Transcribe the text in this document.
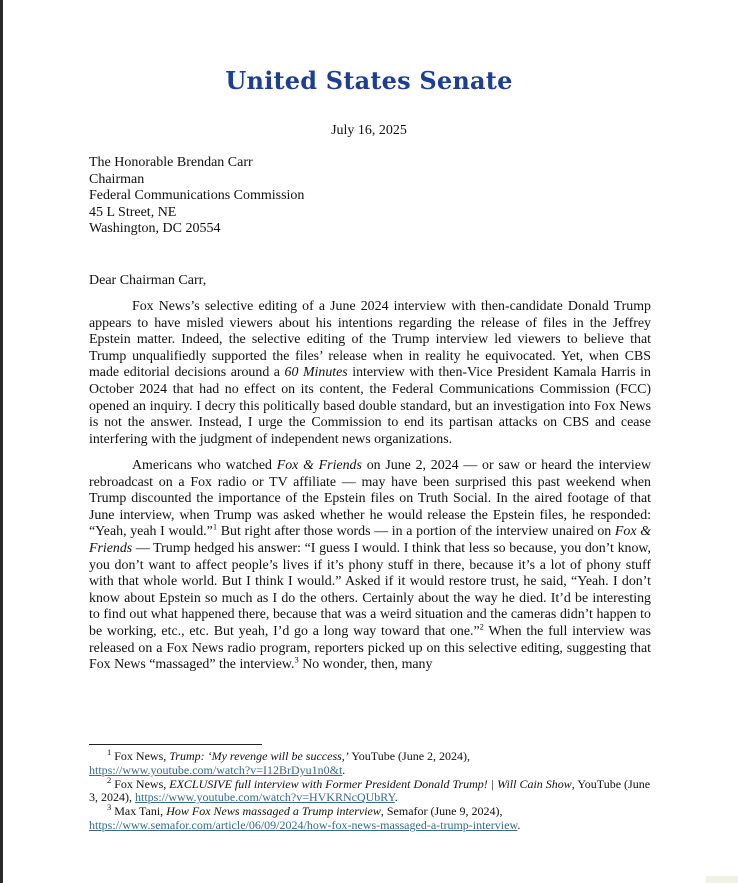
United States Senate
July 16, 2025
The Honorable Brendan Carr
Chairman
Federal Communications Commission
45 L Street, NE
Washington, DC 20554
Dear Chairman Carr,

Fox News’s selective editing of a June 2024 interview with then-candidate Donald Trump appears to have misled viewers about his intentions regarding the release of files in the Jeffrey Epstein matter. Indeed, the selective editing of the Trump interview led viewers to believe that Trump unqualifiedly supported the files’ release when in reality he equivocated. Yet, when CBS made editorial decisions around a 60 Minutes interview with then-Vice President Kamala Harris in October 2024 that had no effect on its content, the Federal Communications Commission (FCC) opened an inquiry. I decry this politically based double standard, but an investigation into Fox News is not the answer. Instead, I urge the Commission to end its partisan attacks on CBS and cease interfering with the judgment of independent news organizations.

Americans who watched Fox & Friends on June 2, 2024 — or saw or heard the interview rebroadcast on a Fox radio or TV affiliate — may have been surprised this past weekend when Trump discounted the importance of the Epstein files on Truth Social. In the aired footage of that June interview, when Trump was asked whether he would release the Epstein files, he responded: “Yeah, yeah I would.”$^1$ But right after those words — in a portion of the interview unaired on Fox & Friends — Trump hedged his answer: “I guess I would. I think that less so because, you don’t know, you don’t want to affect people’s lives if it’s phony stuff in there, because it’s a lot of phony stuff with that whole world. But I think I would.” Asked if it would restore trust, he said, “Yeah. I don’t know about Epstein so much as I do the others. Certainly about the way he died. It’d be interesting to find out what happened there, because that was a weird situation and the cameras didn’t happen to be working, etc., etc. But yeah, I’d go a long way toward that one.”$^2$ When the full interview was released on a Fox News radio program, reporters picked up on this selective editing, suggesting that Fox News “massaged” the interview.$^3$ No wonder, then, many

$^1$ Fox News, Trump: ‘My revenge will be success,’ YouTube (June 2, 2024),
https://www.youtube.com/watch?v=I12BrDyu1n0&t.

$^2$ Fox News, EXCLUSIVE full interview with Former President Donald Trump! | Will Cain Show, YouTube (June 3, 2024), https://www.youtube.com/watch?v=HVKRNcQUbRY.

$^3$ Max Tani, How Fox News massaged a Trump interview, Semafor (June 9, 2024),
https://www.semafor.com/article/06/09/2024/how-fox-news-massaged-a-trump-interview.
